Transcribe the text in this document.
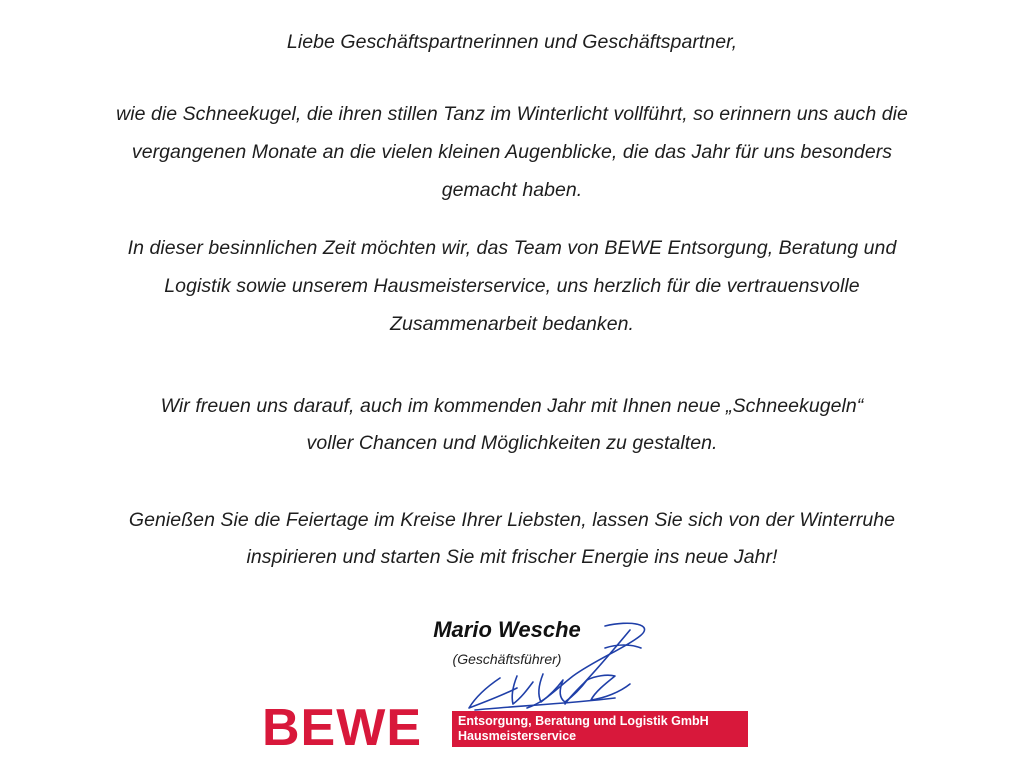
Liebe Geschäftspartnerinnen und Geschäftspartner,
wie die Schneekugel, die ihren stillen Tanz im Winterlicht vollführt, so erinnern uns auch die
vergangenen Monate an die vielen kleinen Augenblicke, die das Jahr für uns besonders
gemacht haben.
In dieser besinnlichen Zeit möchten wir, das Team von BEWE Entsorgung, Beratung und
Logistik sowie unserem Hausmeisterservice, uns herzlich für die vertrauensvolle
Zusammenarbeit bedanken.
Wir freuen uns darauf, auch im kommenden Jahr mit Ihnen neue „Schneekugeln“
voller Chancen und Möglichkeiten zu gestalten.
Genießen Sie die Feiertage im Kreise Ihrer Liebsten, lassen Sie sich von der Winterruhe
inspirieren und starten Sie mit frischer Energie ins neue Jahr!
Mario Wesche
(Geschäftsführer)
BEWE	Entsorgung, Beratung und Logistik GmbH
Hausmeisterservice
